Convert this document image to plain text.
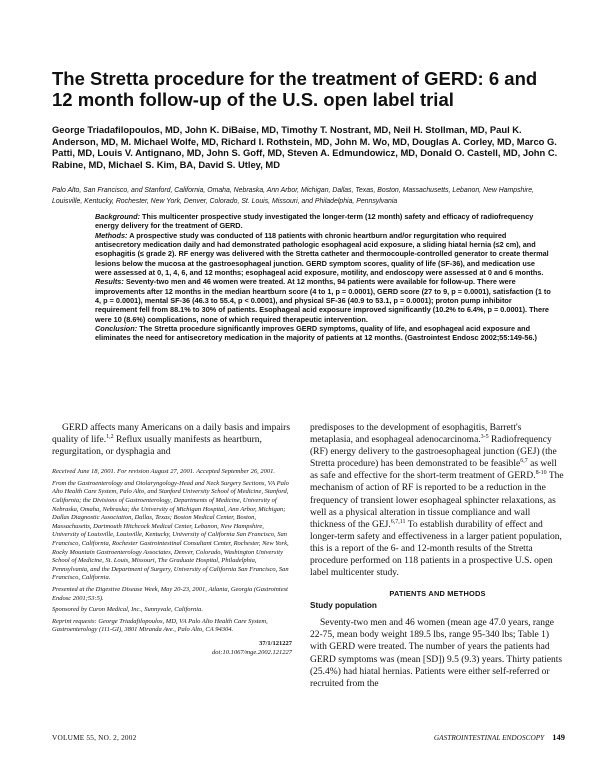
The Stretta procedure for the treatment of GERD: 6 and 12 month follow-up of the U.S. open label trial
George Triadafilopoulos, MD, John K. DiBaise, MD, Timothy T. Nostrant, MD, Neil H. Stollman, MD, Paul K. Anderson, MD, M. Michael Wolfe, MD, Richard I. Rothstein, MD, John M. Wo, MD, Douglas A. Corley, MD, Marco G. Patti, MD, Louis V. Antignano, MD, John S. Goff, MD, Steven A. Edmundowicz, MD, Donald O. Castell, MD, John C. Rabine, MD, Michael S. Kim, BA, David S. Utley, MD
Palo Alto, San Francisco, and Stanford, California, Omaha, Nebraska, Ann Arbor, Michigan, Dallas, Texas, Boston, Massachusetts, Lebanon, New Hampshire, Louisville, Kentucky, Rochester, New York, Denver, Colorado, St. Louis, Missouri, and Philadelphia, Pennsylvania

Background: This multicenter prospective study investigated the longer-term (12 month) safety and efficacy of radiofrequency energy delivery for the treatment of GERD.

Methods: A prospective study was conducted of 118 patients with chronic heartburn and/or regurgitation who required antisecretory medication daily and had demonstrated pathologic esophageal acid exposure, a sliding hiatal hernia (≤2 cm), and esophagitis (≤ grade 2). RF energy was delivered with the Stretta catheter and thermocouple-controlled generator to create thermal lesions below the mucosa at the gastroesophageal junction. GERD symptom scores, quality of life (SF-36), and medication use were assessed at 0, 1, 4, 6, and 12 months; esophageal acid exposure, motility, and endoscopy were assessed at 0 and 6 months.

Results: Seventy-two men and 46 women were treated. At 12 months, 94 patients were available for follow-up. There were improvements after 12 months in the median heartburn score (4 to 1, p = 0.0001), GERD score (27 to 9, p = 0.0001), satisfaction (1 to 4, p = 0.0001), mental SF-36 (46.3 to 55.4, p < 0.0001), and physical SF-36 (40.9 to 53.1, p = 0.0001); proton pump inhibitor requirement fell from 88.1% to 30% of patients. Esophageal acid exposure improved significantly (10.2% to 6.4%, p = 0.0001). There were 10 (8.6%) complications, none of which required therapeutic intervention.

Conclusion: The Stretta procedure significantly improves GERD symptoms, quality of life, and esophageal acid exposure and eliminates the need for antisecretory medication in the majority of patients at 12 months. (Gastrointest Endosc 2002;55:149-56.)

GERD affects many Americans on a daily basis and impairs quality of life.$^{1,2}$ Reflux usually manifests as heartburn, regurgitation, or dysphagia and

Received June 18, 2001. For revision August 27, 2001. Accepted September 26, 2001.

From the Gastroenterology and Otolaryngology-Head and Neck Surgery Sections, VA Palo Alto Health Care System, Palo Alto, and Stanford University School of Medicine, Stanford, California; the Divisions of Gastroenterology, Departments of Medicine, University of Nebraska, Omaha, Nebraska; the University of Michigan Hospital, Ann Arbor, Michigan; Dallas Diagnostic Association, Dallas, Texas; Boston Medical Center, Boston, Massachusetts, Dartmouth Hitchcock Medical Center, Lebanon, New Hampshire, University of Louisville, Louisville, Kentucky, University of California San Francisco, San Francisco, California, Rochester Gastrointestinal Consultant Center, Rochester, New York, Rocky Mountain Gastroenterology Associates, Denver, Colorado, Washington University School of Medicine, St. Louis, Missouri, The Graduate Hospital, Philadelphia, Pennsylvania, and the Department of Surgery, University of California San Francisco, San Francisco, California.

Presented at the Digestive Disease Week, May 20-23, 2001, Atlanta, Georgia (Gastrointest Endosc 2001;53:5).

Sponsored by Curon Medical, Inc., Sunnyvale, California.

Reprint requests: George Triadafilopoulos, MD, VA Palo Alto Health Care System, Gastroenterology (111-GI), 3801 Miranda Ave., Palo Alto, CA 94304.

37/1/121227

doi:10.1067/mge.2002.121227

predisposes to the development of esophagitis, Barrett's metaplasia, and esophageal adenocarcinoma.$^{3-5}$ Radiofrequency (RF) energy delivery to the gastroesophageal junction (GEJ) (the Stretta procedure) has been demonstrated to be feasible$^{6,7}$ as well as safe and effective for the short-term treatment of GERD.$^{8-10}$ The mechanism of action of RF is reported to be a reduction in the frequency of transient lower esophageal sphincter relaxations, as well as a physical alteration in tissue compliance and wall thickness of the GEJ.$^{6,7,11}$ To establish durability of effect and longer-term safety and effectiveness in a larger patient population, this is a report of the 6- and 12-month results of the Stretta procedure performed on 118 patients in a prospective U.S. open label multicenter study.

PATIENTS AND METHODS
Study population

Seventy-two men and 46 women (mean age 47.0 years, range 22-75, mean body weight 189.5 lbs, range 95-340 lbs; Table 1) with GERD were treated. The number of years the patients had GERD symptoms was (mean [SD]) 9.5 (9.3) years. Thirty patients (25.4%) had hiatal hernias. Patients were either self-referred or recruited from the

VOLUME 55, NO. 2, 2002	GASTROINTESTINAL ENDOSCOPY 149
